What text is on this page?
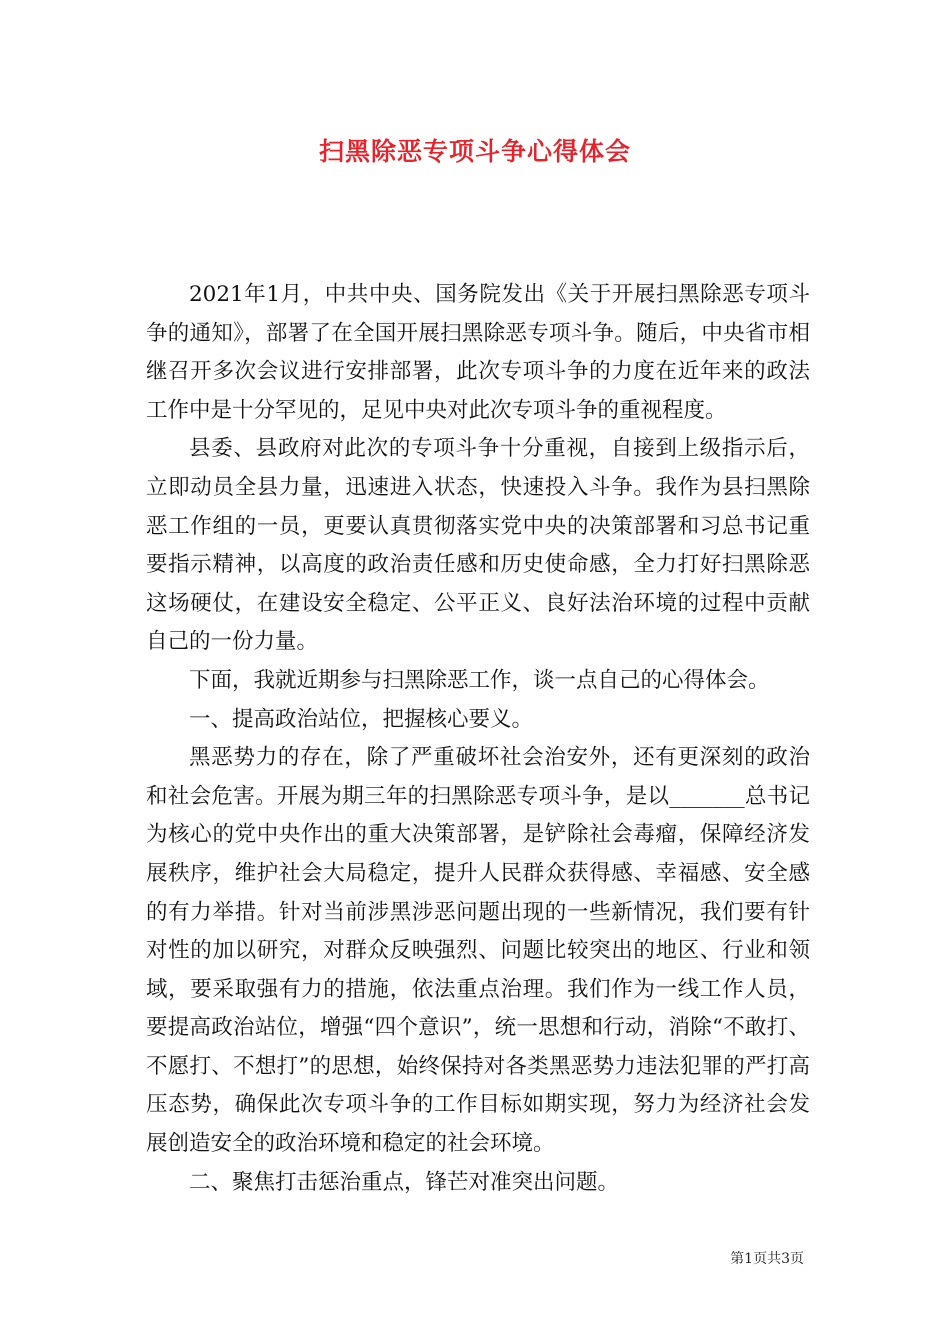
扫黑除恶专项斗争心得体会

2021年1月，中共中央、国务院发出《关于开展扫黑除恶专项斗争的通知》，部署了在全国开展扫黑除恶专项斗争。随后，中央省市相继召开多次会议进行安排部署，此次专项斗争的力度在近年来的政法工作中是十分罕见的，足见中央对此次专项斗争的重视程度。

县委、县政府对此次的专项斗争十分重视，自接到上级指示后，立即动员全县力量，迅速进入状态，快速投入斗争。我作为县扫黑除恶工作组的一员，更要认真贯彻落实党中央的决策部署和习总书记重要指示精神，以高度的政治责任感和历史使命感，全力打好扫黑除恶这场硬仗，在建设安全稳定、公平正义、良好法治环境的过程中贡献自己的一份力量。

下面，我就近期参与扫黑除恶工作，谈一点自己的心得体会。

一、提高政治站位，把握核心要义。

黑恶势力的存在，除了严重破坏社会治安外，还有更深刻的政治和社会危害。开展为期三年的扫黑除恶专项斗争，是以_______总书记为核心的党中央作出的重大决策部署，是铲除社会毒瘤，保障经济发展秩序，维护社会大局稳定，提升人民群众获得感、幸福感、安全感的有力举措。针对当前涉黑涉恶问题出现的一些新情况，我们要有针对性的加以研究，对群众反映强烈、问题比较突出的地区、行业和领域，要采取强有力的措施，依法重点治理。我们作为一线工作人员，要提高政治站位，增强“四个意识”，统一思想和行动，消除“不敢打、不愿打、不想打”的思想，始终保持对各类黑恶势力违法犯罪的严打高压态势，确保此次专项斗争的工作目标如期实现，努力为经济社会发展创造安全的政治环境和稳定的社会环境。

二、聚焦打击惩治重点，锋芒对准突出问题。

第1页共3页
